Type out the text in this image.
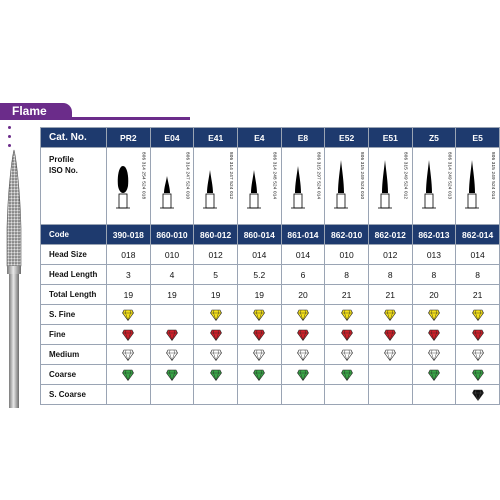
Flame
Cat. No.	PR2	E04	E41	E4	E8	E52	E51	Z5	E5

Profile
ISO No.	806 314 254 524 018	806 314 247 524 010	806 314 247 524 012	806 314 248 524 014	806 315 297 524 014	806 315 249 524 010	806 315 249 524 012	806 314 249 524 013	806 315 249 524 014

Code	390-018	860-010	860-012	860-014	861-014	862-010	862-012	862-013	862-014
Head Size	018	010	012	014	014	010	012	013	014
Head Length	3	4	5	5.2	6	8	8	8	8
Total Length	19	19	19	19	20	21	21	20	21
S. Fine	

Fine	

Medium	

Coarse	

S. Coarse									
